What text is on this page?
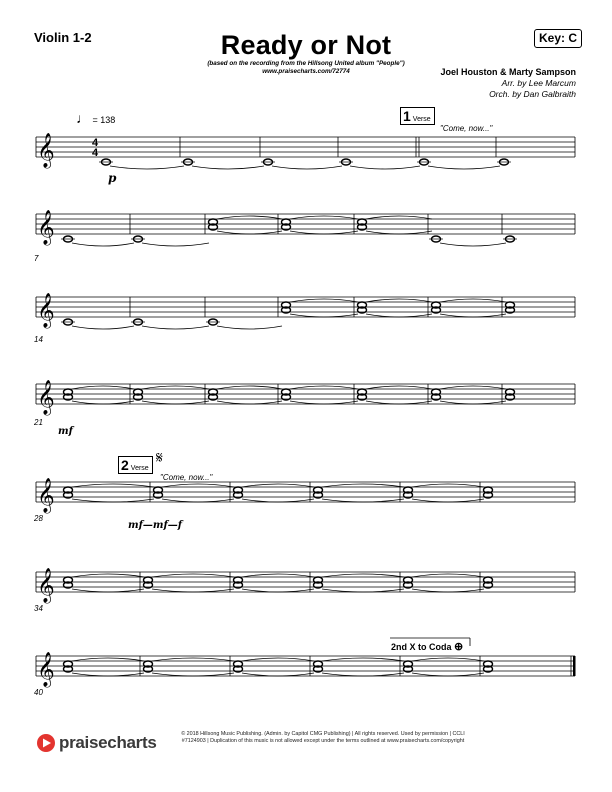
Violin 1-2	Ready or Not
(based on the recording from the Hillsong United album "People")
www.praisecharts.com/72774
Key: C
Joel Houston & Marty Sampson
Arr. by Lee Marcum
Orch. by Dan Galbraith
♩ = 138	1 Verse
"Come, now..."
2 Verse
𝄋
"Come, now..."
2nd X to Coda ⊕
7
14
21
28
34
40
p
mf
mf—mf—f
𝄞	4
4
𝄞
𝄞
𝄞
𝄞
𝄞
𝄞
praisecharts	© 2018 Hillsong Music Publishing. (Admin. by Capitol CMG Publishing) | All rights reserved. Used by permission | CCLI #7124903 | Duplication of this music is not allowed except under the terms outlined at www.praisecharts.com/copyright
